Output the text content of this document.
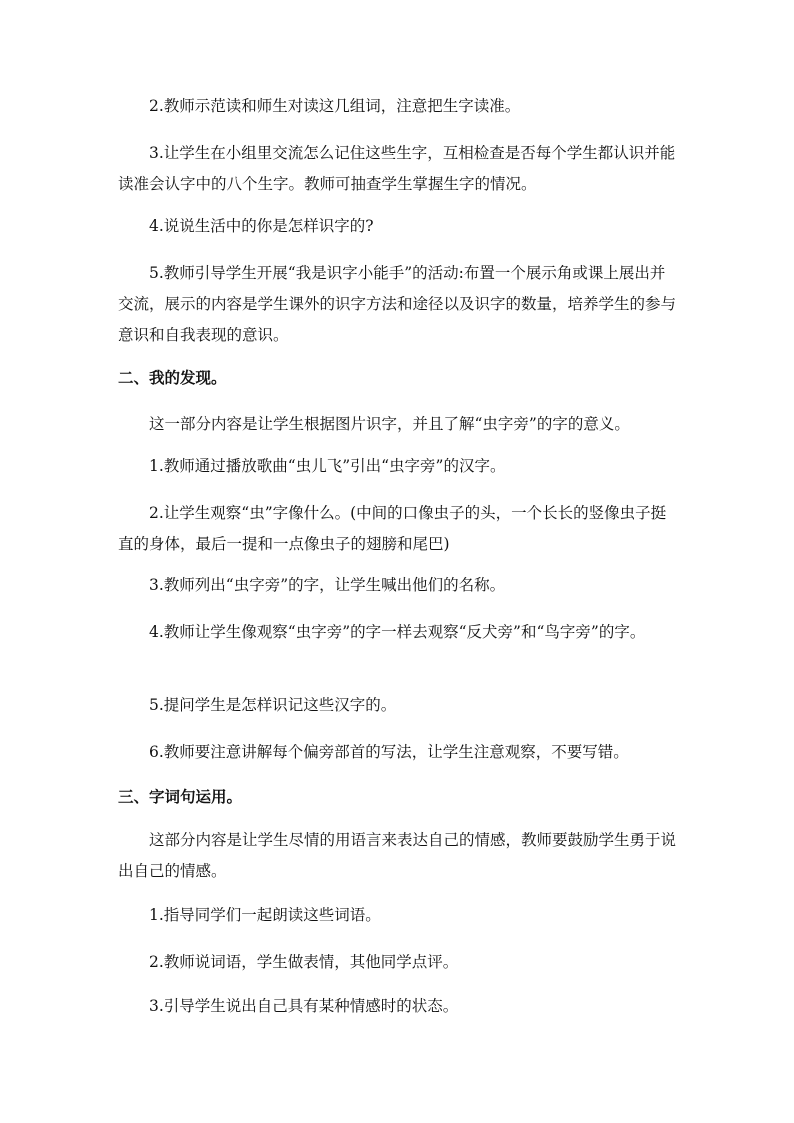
2.教师示范读和师生对读这几组词，注意把生字读准。

3.让学生在小组里交流怎么记住这些生字，互相检查是否每个学生都认识并能读准会认字中的八个生字。教师可抽查学生掌握生字的情况。

4.说说生活中的你是怎样识字的?

5.教师引导学生开展“我是识字小能手”的活动:布置一个展示角或课上展出并交流，展示的内容是学生课外的识字方法和途径以及识字的数量，培养学生的参与意识和自我表现的意识。

二、我的发现。

这一部分内容是让学生根据图片识字，并且了解“虫字旁”的字的意义。

1.教师通过播放歌曲“虫儿飞”引出“虫字旁”的汉字。

2.让学生观察“虫”字像什么。(中间的口像虫子的头，一个长长的竖像虫子挺直的身体，最后一提和一点像虫子的翅膀和尾巴)

3.教师列出“虫字旁”的字，让学生喊出他们的名称。

4.教师让学生像观察“虫字旁”的字一样去观察“反犬旁”和“鸟字旁”的字。

5.提问学生是怎样识记这些汉字的。

6.教师要注意讲解每个偏旁部首的写法，让学生注意观察，不要写错。

三、字词句运用。

这部分内容是让学生尽情的用语言来表达自己的情感，教师要鼓励学生勇于说出自己的情感。

1.指导同学们一起朗读这些词语。

2.教师说词语，学生做表情，其他同学点评。

3.引导学生说出自己具有某种情感时的状态。
